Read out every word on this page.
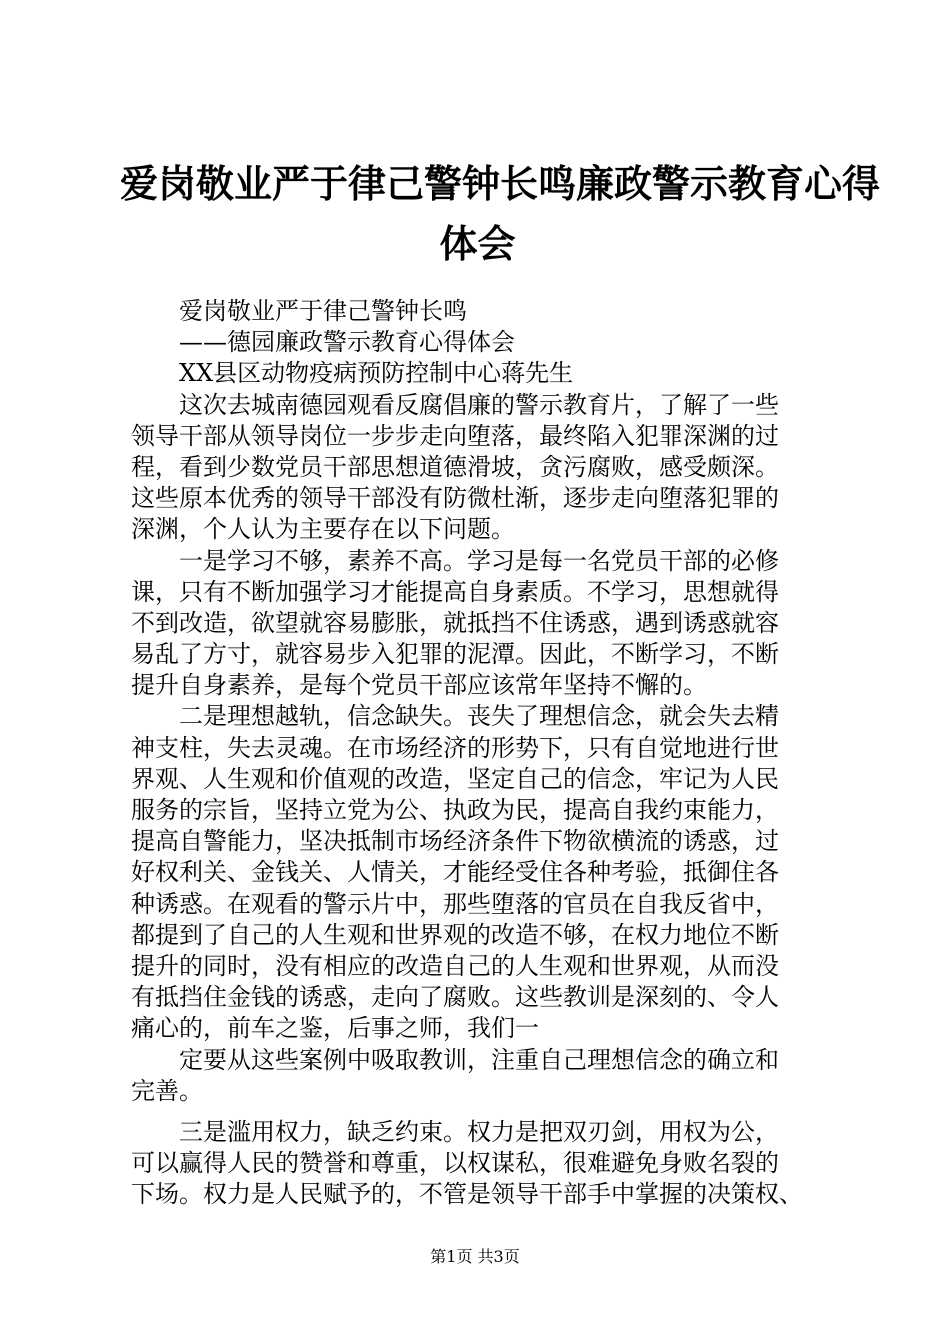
爱岗敬业严于律己警钟长鸣廉政警示教育心得
体会
爱岗敬业严于律己警钟长鸣
——德园廉政警示教育心得体会
XX县区动物疫病预防控制中心蒋先生
这次去城南德园观看反腐倡廉的警示教育片，了解了一些
领导干部从领导岗位一步步走向堕落，最终陷入犯罪深渊的过
程，看到少数党员干部思想道德滑坡，贪污腐败，感受颇深。
这些原本优秀的领导干部没有防微杜渐，逐步走向堕落犯罪的
深渊，个人认为主要存在以下问题。
一是学习不够，素养不高。学习是每一名党员干部的必修
课，只有不断加强学习才能提高自身素质。不学习，思想就得
不到改造，欲望就容易膨胀，就抵挡不住诱惑，遇到诱惑就容
易乱了方寸，就容易步入犯罪的泥潭。因此，不断学习，不断
提升自身素养，是每个党员干部应该常年坚持不懈的。
二是理想越轨，信念缺失。丧失了理想信念，就会失去精
神支柱，失去灵魂。在市场经济的形势下，只有自觉地进行世
界观、人生观和价值观的改造，坚定自己的信念，牢记为人民
服务的宗旨，坚持立党为公、执政为民，提高自我约束能力，
提高自警能力，坚决抵制市场经济条件下物欲横流的诱惑，过
好权利关、金钱关、人情关，才能经受住各种考验，抵御住各
种诱惑。在观看的警示片中，那些堕落的官员在自我反省中，
都提到了自己的人生观和世界观的改造不够，在权力地位不断
提升的同时，没有相应的改造自己的人生观和世界观，从而没
有抵挡住金钱的诱惑，走向了腐败。这些教训是深刻的、令人
痛心的，前车之鉴，后事之师，我们一
定要从这些案例中吸取教训，注重自己理想信念的确立和
完善。
三是滥用权力，缺乏约束。权力是把双刃剑，用权为公，
可以赢得人民的赞誉和尊重，以权谋私，很难避免身败名裂的
下场。权力是人民赋予的，不管是领导干部手中掌握的决策权、
第1页 共3页
